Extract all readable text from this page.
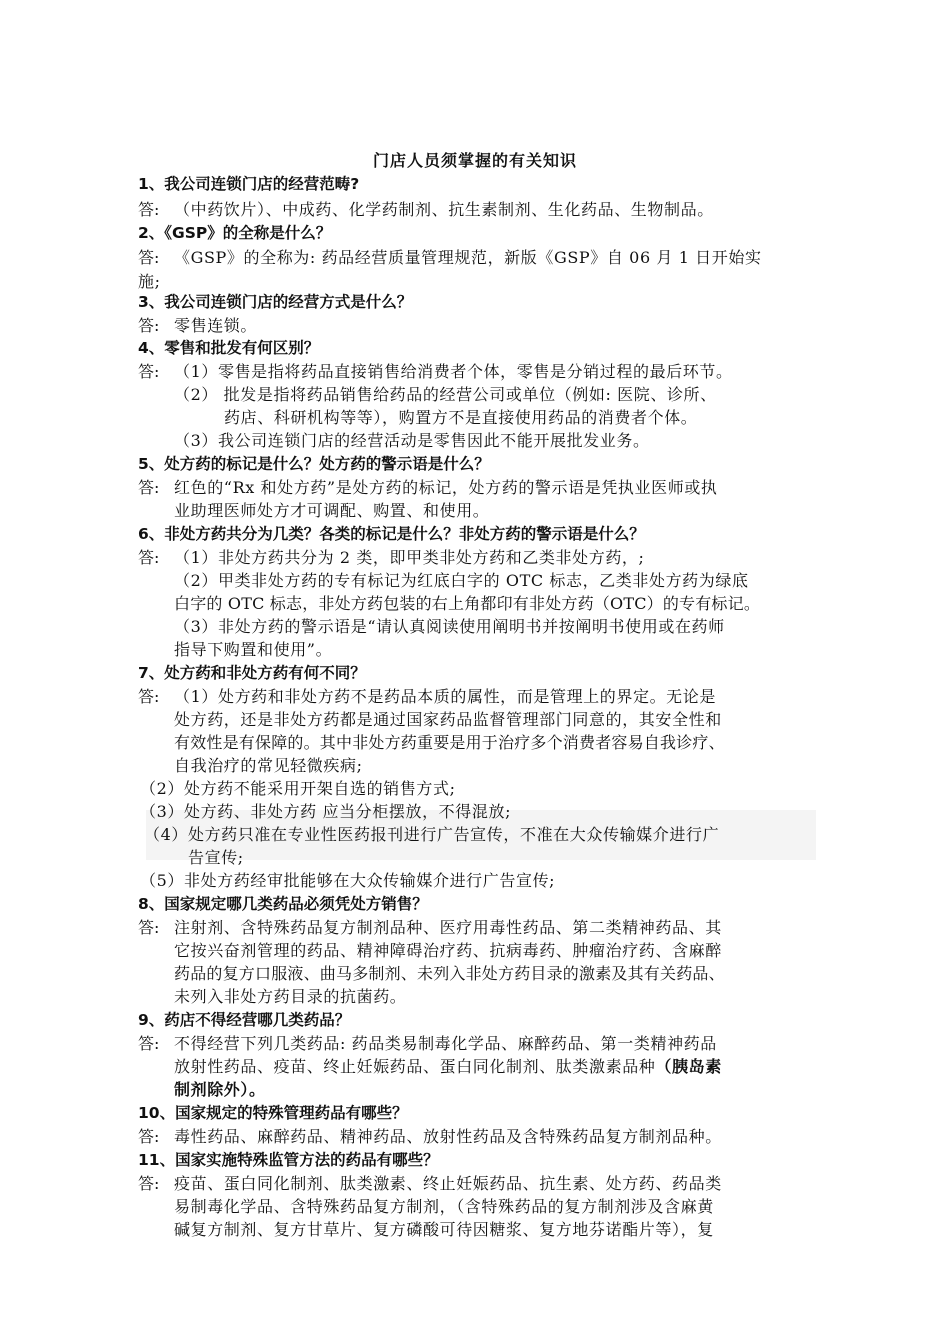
门店人员须掌握的有关知识
1、我公司连锁门店的经营范畴?
答: （中药饮片）、中成药、化学药制剂、抗生素制剂、生化药品、生物制品。
2、《GSP》的全称是什么？
答: 《GSP》的全称为: 药品经营质量管理规范，新版《GSP》自 06 月 1 日开始实
施;
3、我公司连锁门店的经营方式是什么？
答: 零售连锁。
4、零售和批发有何区别？
答: （1）零售是指将药品直接销售给消费者个体，零售是分销过程的最后环节。
（2） 批发是指将药品销售给药品的经营公司或单位（例如: 医院、诊所、
药店、科研机构等等），购置方不是直接使用药品的消费者个体。
（3）我公司连锁门店的经营活动是零售因此不能开展批发业务。
5、处方药的标记是什么？处方药的警示语是什么？
答: 红色的“Rx 和处方药”是处方药的标记，处方药的警示语是凭执业医师或执
业助理医师处方才可调配、购置、和使用。
6、非处方药共分为几类？各类的标记是什么？非处方药的警示语是什么？
答: （1）非处方药共分为 2 类，即甲类非处方药和乙类非处方药，;
（2）甲类非处方药的专有标记为红底白字的 OTC 标志，乙类非处方药为绿底
白字的 OTC 标志，非处方药包装的右上角都印有非处方药（OTC）的专有标记。
（3）非处方药的警示语是“请认真阅读使用阐明书并按阐明书使用或在药师
指导下购置和使用”。
7、处方药和非处方药有何不同？
答: （1）处方药和非处方药不是药品本质的属性，而是管理上的界定。无论是
处方药，还是非处方药都是通过国家药品监督管理部门同意的，其安全性和
有效性是有保障的。其中非处方药重要是用于治疗多个消费者容易自我诊疗、
自我治疗的常见轻微疾病;
（2）处方药不能采用开架自选的销售方式;
（3）处方药、非处方药 应当分柜摆放，不得混放;
（4）处方药只准在专业性医药报刊进行广告宣传，不准在大众传输媒介进行广
告宣传;
（5）非处方药经审批能够在大众传输媒介进行广告宣传;
8、国家规定哪几类药品必须凭处方销售？
答: 注射剂、含特殊药品复方制剂品种、医疗用毒性药品、第二类精神药品、其
它按兴奋剂管理的药品、精神障碍治疗药、抗病毒药、肿瘤治疗药、含麻醉
药品的复方口服液、曲马多制剂、未列入非处方药目录的激素及其有关药品、
未列入非处方药目录的抗菌药。
9、药店不得经营哪几类药品？
答: 不得经营下列几类药品: 药品类易制毒化学品、麻醉药品、第一类精神药品
放射性药品、疫苗、终止妊娠药品、蛋白同化制剂、肽类激素品种（胰岛素
制剂除外）。
10、国家规定的特殊管理药品有哪些？
答: 毒性药品、麻醉药品、精神药品、放射性药品及含特殊药品复方制剂品种。
11、国家实施特殊监管方法的药品有哪些？
答: 疫苗、蛋白同化制剂、肽类激素、终止妊娠药品、抗生素、处方药、药品类
易制毒化学品、含特殊药品复方制剂，（含特殊药品的复方制剂涉及含麻黄
碱复方制剂、复方甘草片、复方磷酸可待因糖浆、复方地芬诺酯片等），复
